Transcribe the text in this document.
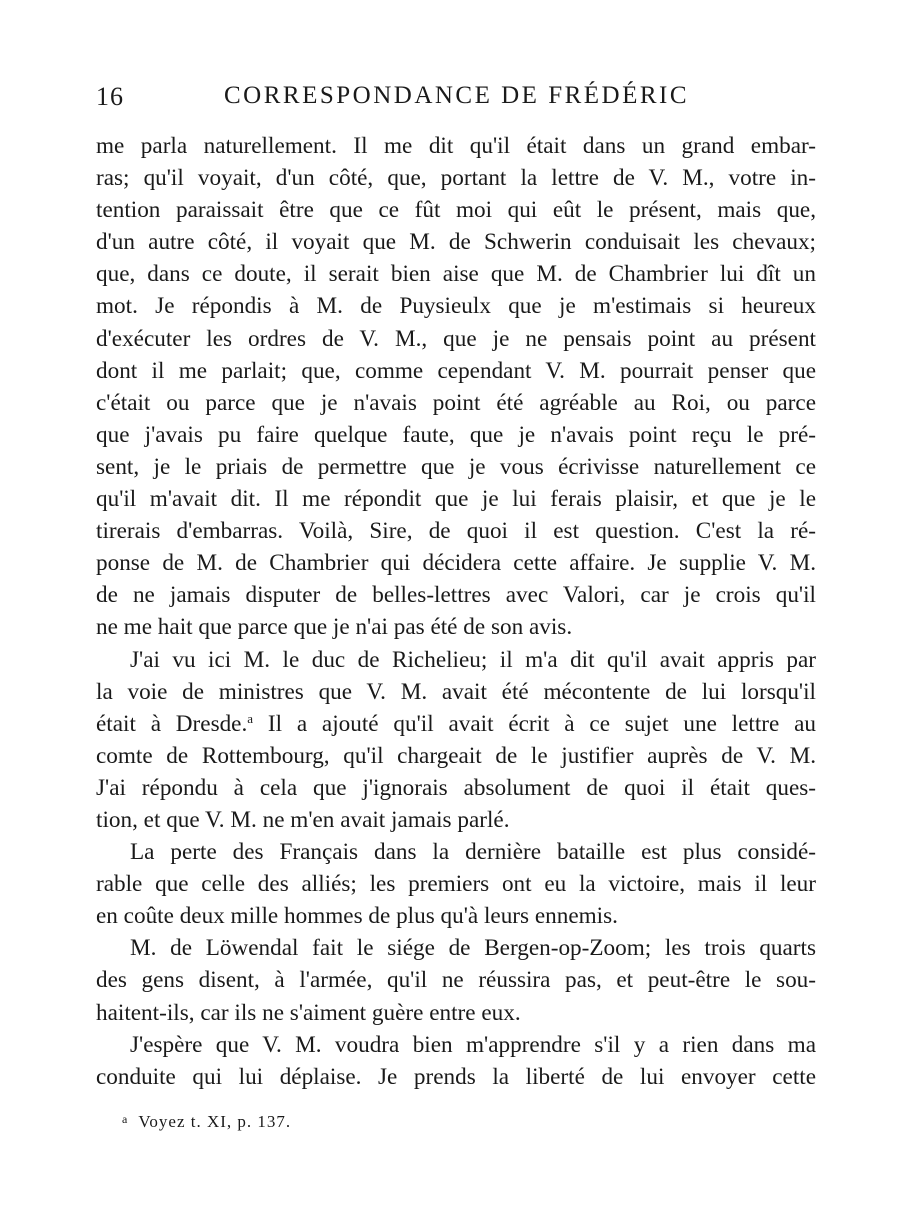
16	CORRESPONDANCE DE FRÉDÉRIC
me parla naturellement. Il me dit qu'il était dans un grand embar-
ras; qu'il voyait, d'un côté, que, portant la lettre de V. M., votre in-
tention paraissait être que ce fût moi qui eût le présent, mais que,
d'un autre côté, il voyait que M. de Schwerin conduisait les chevaux;
que, dans ce doute, il serait bien aise que M. de Chambrier lui dît un
mot. Je répondis à M. de Puysieulx que je m'estimais si heureux
d'exécuter les ordres de V. M., que je ne pensais point au présent
dont il me parlait; que, comme cependant V. M. pourrait penser que
c'était ou parce que je n'avais point été agréable au Roi, ou parce
que j'avais pu faire quelque faute, que je n'avais point reçu le pré-
sent, je le priais de permettre que je vous écrivisse naturellement ce
qu'il m'avait dit. Il me répondit que je lui ferais plaisir, et que je le
tirerais d'embarras. Voilà, Sire, de quoi il est question. C'est la ré-
ponse de M. de Chambrier qui décidera cette affaire. Je supplie V. M.
de ne jamais disputer de belles-lettres avec Valori, car je crois qu'il
ne me hait que parce que je n'ai pas été de son avis.
J'ai vu ici M. le duc de Richelieu; il m'a dit qu'il avait appris par
la voie de ministres que V. M. avait été mécontente de lui lorsqu'il
était à Dresde.$^a$ Il a ajouté qu'il avait écrit à ce sujet une lettre au
comte de Rottembourg, qu'il chargeait de le justifier auprès de V. M.
J'ai répondu à cela que j'ignorais absolument de quoi il était ques-
tion, et que V. M. ne m'en avait jamais parlé.
La perte des Français dans la dernière bataille est plus considé-
rable que celle des alliés; les premiers ont eu la victoire, mais il leur
en coûte deux mille hommes de plus qu'à leurs ennemis.
M. de Löwendal fait le siége de Bergen-op-Zoom; les trois quarts
des gens disent, à l'armée, qu'il ne réussira pas, et peut-être le sou-
haitent-ils, car ils ne s'aiment guère entre eux.
J'espère que V. M. voudra bien m'apprendre s'il y a rien dans ma
conduite qui lui déplaise. Je prends la liberté de lui envoyer cette
$^a$ Voyez t. XI, p. 137.
